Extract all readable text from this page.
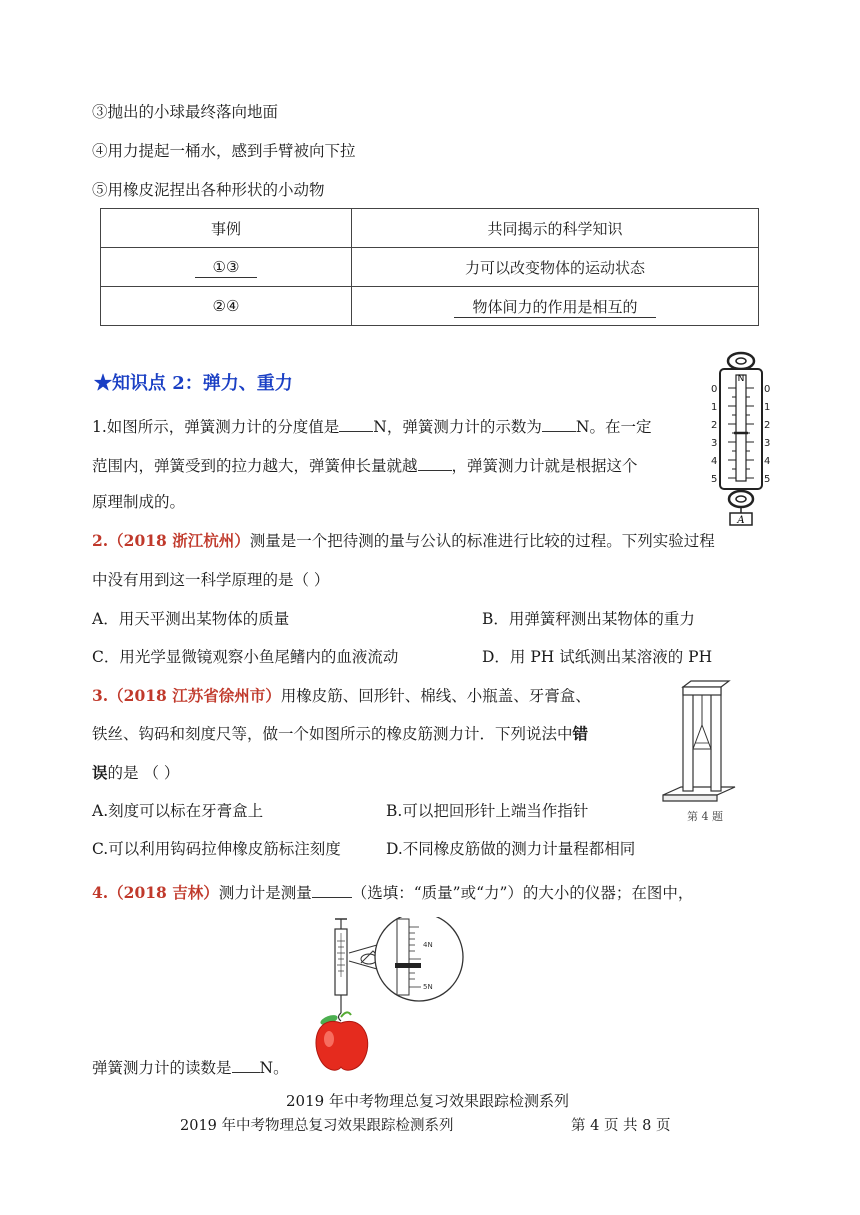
③抛出的小球最终落向地面
④用力提起一桶水，感到手臂被向下拉
⑤用橡皮泥捏出各种形状的小动物
事例	共同揭示的科学知识
①③	力可以改变物体的运动状态
②④	物体间力的作用是相互的
★知识点 2：弹力、重力	N
0
1
2
3
4
5
0
1
2
3
4
5
A
1.如图所示，弹簧测力计的分度值是 N，弹簧测力计的示数为 N。在一定
范围内，弹簧受到的拉力越大，弹簧伸长量就越 ，弹簧测力计就是根据这个
原理制成的。
2.（2018 浙江杭州）测量是一个把待测的量与公认的标准进行比较的过程。下列实验过程
中没有用到这一科学原理的是（ ）
A．用天平测出某物体的质量	B．用弹簧秤测出某物体的重力
C．用光学显微镜观察小鱼尾鳍内的血液流动	D．用 PH 试纸测出某溶液的 PH
3.（2018 江苏省徐州市）用橡皮筋、回形针、棉线、小瓶盖、牙膏盒、
铁丝、钩码和刻度尺等，做一个如图所示的橡皮筋测力计．下列说法中错
误的是 （ ）
A.刻度可以标在牙膏盒上	B.可以把回形针上端当作指针
C.可以利用钩码拉伸橡皮筋标注刻度	D.不同橡皮筋做的测力计量程都相同
第 4 题
4.（2018 吉林）测力计是测量	（选填：“质量”或“力”）的大小的仪器；在图中，
4N
5N
弹簧测力计的读数是 N。
2019 年中考物理总复习效果跟踪检测系列
2019 年中考物理总复习效果跟踪检测系列	第 4 页 共 8 页
